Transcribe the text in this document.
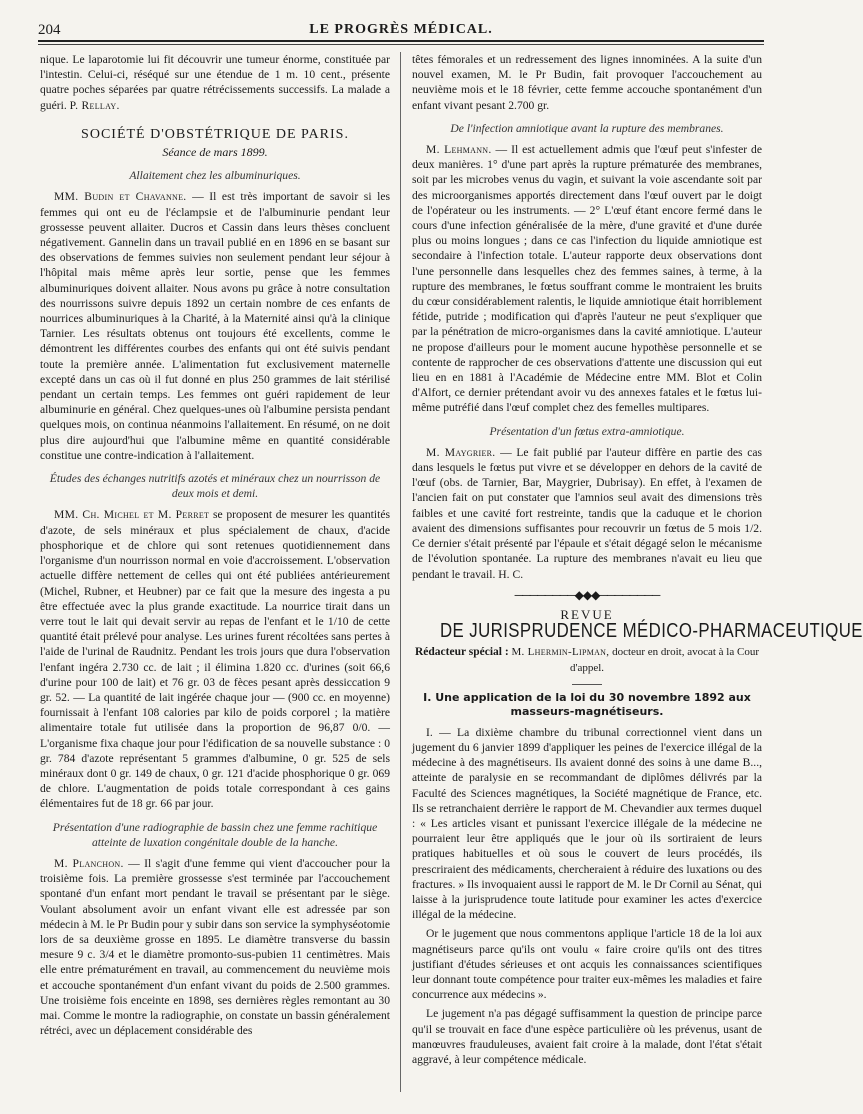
204	LE PROGRÈS MÉDICAL.

nique. Le laparotomie lui fit découvrir une tumeur énorme, constituée par l'intestin. Celui-ci, réséqué sur une étendue de 1 m. 10 cent., présente quatre poches séparées par quatre rétrécissements successifs. La malade a guéri. P. Rellay.

SOCIÉTÉ D'OBSTÉTRIQUE DE PARIS.
Séance de mars 1899.
Allaitement chez les albuminuriques.

MM. Budin et Chavanne. — Il est très important de savoir si les femmes qui ont eu de l'éclampsie et de l'albuminurie pendant leur grossesse peuvent allaiter. Ducros et Cassin dans leurs thèses concluent négativement. Gannelin dans un travail publié en en 1896 en se basant sur des observations de femmes suivies non seulement pendant leur séjour à l'hôpital mais même après leur sortie, pense que les femmes albuminuriques doivent allaiter. Nous avons pu grâce à notre consultation des nourrissons suivre depuis 1892 un certain nombre de ces enfants de nourrices albuminuriques à la Charité, à la Maternité ainsi qu'à la clinique Tarnier. Les résultats obtenus ont toujours été excellents, comme le démontrent les différentes courbes des enfants qui ont été suivis pendant toute la première année. L'alimentation fut exclusivement maternelle excepté dans un cas où il fut donné en plus 250 grammes de lait stérilisé pendant un certain temps. Les femmes ont guéri rapidement de leur albuminurie en général. Chez quelques-unes où l'albumine persista pendant quelques mois, on continua néanmoins l'allaitement. En résumé, on ne doit plus dire aujourd'hui que l'albumine même en quantité considérable constitue une contre-indication à l'allaitement.

Études des échanges nutritifs azotés et minéraux chez un nourrisson de deux mois et demi.

MM. Ch. Michel et M. Perret se proposent de mesurer les quantités d'azote, de sels minéraux et plus spécialement de chaux, d'acide phosphorique et de chlore qui sont retenues quotidiennement dans l'organisme d'un nourrisson normal en voie d'accroissement. L'observation actuelle diffère nettement de celles qui ont été publiées antérieurement (Michel, Rubner, et Heubner) par ce fait que la mesure des ingesta a pu être effectuée avec la plus grande exactitude. La nourrice tirait dans un verre tout le lait qui devait servir au repas de l'enfant et le 1/10 de cette quantité était prélevé pour analyse. Les urines furent récoltées sans pertes à l'aide de l'urinal de Raudnitz. Pendant les trois jours que dura l'observation l'enfant ingéra 2.730 cc. de lait ; il élimina 1.820 cc. d'urines (soit 66,6 d'urine pour 100 de lait) et 76 gr. 03 de fèces pesant après dessiccation 9 gr. 52. — La quantité de lait ingérée chaque jour — (900 cc. en moyenne) fournissait à l'enfant 108 calories par kilo de poids corporel ; la matière alimentaire totale fut utilisée dans la proportion de 96,87 0/0. — L'organisme fixa chaque jour pour l'édification de sa nouvelle substance : 0 gr. 784 d'azote représentant 5 grammes d'albumine, 0 gr. 525 de sels minéraux dont 0 gr. 149 de chaux, 0 gr. 121 d'acide phosphorique 0 gr. 069 de chlore. L'augmentation de poids totale correspondant à ces gains élémentaires fut de 18 gr. 66 par jour.

Présentation d'une radiographie de bassin chez une femme rachitique atteinte de luxation congénitale double de la hanche.

M. Planchon. — Il s'agit d'une femme qui vient d'accoucher pour la troisième fois. La première grossesse s'est terminée par l'accouchement spontané d'un enfant mort pendant le travail se présentant par le siège. Voulant absolument avoir un enfant vivant elle est adressée par son médecin à M. le Pr Budin pour y subir dans son service la symphyséotomie lors de sa deuxième grosse en 1895. Le diamètre transverse du bassin mesure 9 c. 3/4 et le diamètre promonto-sus-pubien 11 centimètres. Mais elle entre prématurément en travail, au commencement du neuvième mois et accouche spontanément d'un enfant vivant du poids de 2.500 grammes. Une troisième fois enceinte en 1898, ses dernières règles remontant au 30 mai. Comme le montre la radiographie, on constate un bassin généralement rétréci, avec un déplacement considérable des

têtes fémorales et un redressement des lignes innominées. A la suite d'un nouvel examen, M. le Pr Budin, fait provoquer l'accouchement au neuvième mois et le 18 février, cette femme accouche spontanément d'un enfant vivant pesant 2.700 gr.

De l'infection amniotique avant la rupture des membranes.

M. Lehmann. — Il est actuellement admis que l'œuf peut s'infester de deux manières. 1° d'une part après la rupture prématurée des membranes, soit par les microbes venus du vagin, et suivant la voie ascendante soit par des microorganismes apportés directement dans l'œuf ouvert par le doigt de l'opérateur ou les instruments. — 2° L'œuf étant encore fermé dans le cours d'une infection généralisée de la mère, d'une gravité et d'une durée plus ou moins longues ; dans ce cas l'infection du liquide amniotique est secondaire à l'infection totale. L'auteur rapporte deux observations dont l'une personnelle dans lesquelles chez des femmes saines, à terme, à la rupture des membranes, le fœtus souffrant comme le montraient les bruits du cœur considérablement ralentis, le liquide amniotique était horriblement fétide, putride ; modification qui d'après l'auteur ne peut s'expliquer que par la pénétration de micro-organismes dans la cavité amniotique. L'auteur ne propose d'ailleurs pour le moment aucune hypothèse personnelle et se contente de rapprocher de ces observations d'attente une discussion qui eut lieu en en 1881 à l'Académie de Médecine entre MM. Blot et Colin d'Alfort, ce dernier prétendant avoir vu des annexes fatales et le fœtus lui-même putréfié dans l'œuf complet chez des femelles multipares.

Présentation d'un fœtus extra-amniotique.

M. Maygrier. — Le fait publié par l'auteur diffère en partie des cas dans lesquels le fœtus put vivre et se développer en dehors de la cavité de l'œuf (obs. de Tarnier, Bar, Maygrier, Dubrisay). En effet, à l'examen de l'ancien fait on put constater que l'amnios seul avait des dimensions très faibles et une cavité fort restreinte, tandis que la caduque et le chorion avaient des dimensions suffisantes pour recouvrir un fœtus de 5 mois 1/2. Ce dernier s'était présenté par l'épaule et s'était dégagé selon le mécanisme de l'évolution spontanée. La rupture des membranes n'avait eu lieu que pendant le travail. H. C.

────────◆◆◆────────
REVUE
DE JURISPRUDENCE MÉDICO-PHARMACEUTIQUE
Rédacteur spécial : M. Lhermin-Lipman, docteur en droit, avocat à la Cour d'appel.
I. Une application de la loi du 30 novembre 1892 aux masseurs-magnétiseurs.

I. — La dixième chambre du tribunal correctionnel vient dans un jugement du 6 janvier 1899 d'appliquer les peines de l'exercice illégal de la médecine à des magnétiseurs. Ils avaient donné des soins à une dame B..., atteinte de paralysie en se recommandant de diplômes délivrés par la Faculté des Sciences magnétiques, la Société magnétique de France, etc. Ils se retranchaient derrière le rapport de M. Chevandier aux termes duquel : « Les articles visant et punissant l'exercice illégale de la médecine ne pourraient leur être appliqués que le jour où ils sortiraient de leurs pratiques habituelles et où sous le couvert de leurs procédés, ils prescriraient des médicaments, chercheraient à réduire des luxations ou des fractures. » Ils invoquaient aussi le rapport de M. le Dr Cornil au Sénat, qui laisse à la jurisprudence toute latitude pour examiner les actes d'exercice illégal de la médecine.

Or le jugement que nous commentons applique l'article 18 de la loi aux magnétiseurs parce qu'ils ont voulu « faire croire qu'ils ont des titres justifiant d'études sérieuses et ont acquis les connaissances scientifiques leur donnant toute compétence pour traiter eux-mêmes les maladies et faire concurrence aux médecins ».

Le jugement n'a pas dégagé suffisamment la question de principe parce qu'il se trouvait en face d'une espèce particulière où les prévenus, usant de manœuvres frauduleuses, avaient fait croire à la malade, dont l'état s'était aggravé, à leur compétence médicale.
